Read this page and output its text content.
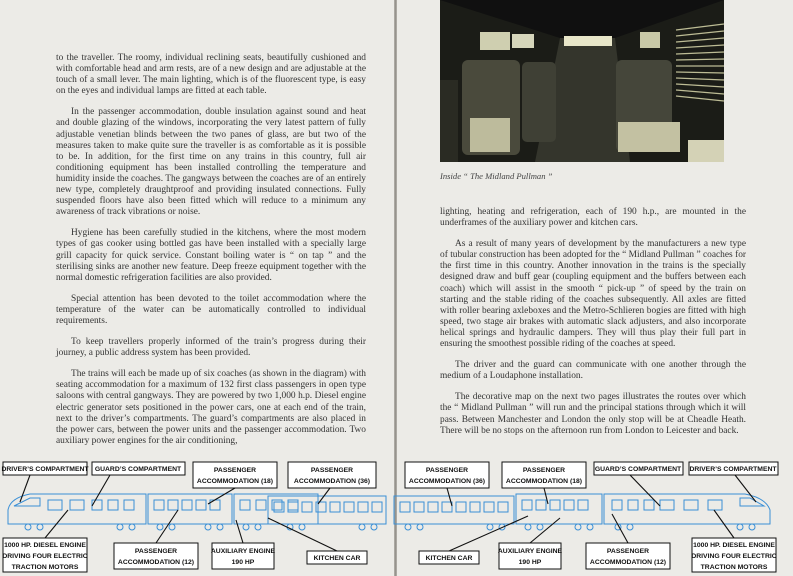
to the traveller. The roomy, individual reclining seats, beautifully cushioned and with comfortable head and arm rests, are of a new design and are adjustable at the touch of a small lever. The main lighting, which is of the fluorescent type, is easy on the eyes and individual lamps are fitted at each table.

In the passenger accommodation, double insulation against sound and heat and double glazing of the windows, incorporating the very latest pattern of fully adjustable venetian blinds between the two panes of glass, are but two of the measures taken to make quite sure the traveller is as comfortable as it is possible to be. In addition, for the first time on any trains in this country, full air conditioning equipment has been installed controlling the temperature and humidity inside the coaches. The gangways between the coaches are of an entirely new type, completely draughtproof and providing insulated connections. Fully suspended floors have also been fitted which will reduce to a minimum any awareness of track vibrations or noise.

Hygiene has been carefully studied in the kitchens, where the most modern types of gas cooker using bottled gas have been installed with a specially large grill capacity for quick service. Constant boiling water is “ on tap ” and the sterilising sinks are another new feature. Deep freeze equipment together with the normal domestic refrigeration facilities are also provided.

Special attention has been devoted to the toilet accommodation where the temperature of the water can be automatically controlled to individual requirements.

To keep travellers properly informed of the train’s progress during their journey, a public address system has been provided.

The trains will each be made up of six coaches (as shown in the diagram) with seating accommodation for a maximum of 132 first class passengers in open type saloons with central gangways. They are powered by two 1,000 h.p. Diesel engine electric generator sets positioned in the power cars, one at each end of the train, next to the driver’s compartments. The guard’s compartments are also placed in the power cars, between the power units and the passenger accommodation. Two auxiliary power engines for the air conditioning,

Inside “ The Midland Pullman ”

lighting, heating and refrigeration, each of 190 h.p., are mounted in the underframes of the auxiliary power and kitchen cars.

As a result of many years of development by the manufacturers a new type of tubular construction has been adopted for the “ Midland Pullman ” coaches for the first time in this country. Another innovation in the trains is the specially designed draw and buff gear (coupling equipment and the buffers between each coach) which will assist in the smooth “ pick-up ” of speed by the train on starting and the stable riding of the coaches subsequently. All axles are fitted with roller bearing axleboxes and the Metro-Schlieren bogies are fitted with high speed, two stage air brakes with automatic slack adjusters, and also incorporate helical springs and hydraulic dampers. They will thus play their full part in ensuring the smoothest possible riding of the coaches at speed.

The driver and the guard can communicate with one another through the medium of a Loudaphone installation.

The decorative map on the next two pages illustrates the routes over which the “ Midland Pullman ” will run and the principal stations through which it will pass. Between Manchester and London the only stop will be at Cheadle Heath. There will be no stops on the afternoon run from London to Leicester and back.

DRIVER’S COMPARTMENT GUARD’S COMPARTMENT	PASSENGER
ACCOMMODATION (18)
PASSENGER
ACCOMMODATION (36)
1000 HP. DIESEL ENGINE
DRIVING FOUR ELECTRIC
TRACTION MOTORS
PASSENGER
ACCOMMODATION (12)
AUXILIARY ENGINE
190 HP
KITCHEN CAR
PASSENGER
ACCOMMODATION (36)
PASSENGER
ACCOMMODATION (18)
GUARD’S COMPARTMENT DRIVER’S COMPARTMENT
KITCHEN CAR
AUXILIARY ENGINE
190 HP
PASSENGER
ACCOMMODATION (12)
1000 HP. DIESEL ENGINE
DRIVING FOUR ELECTRIC
TRACTION MOTORS
